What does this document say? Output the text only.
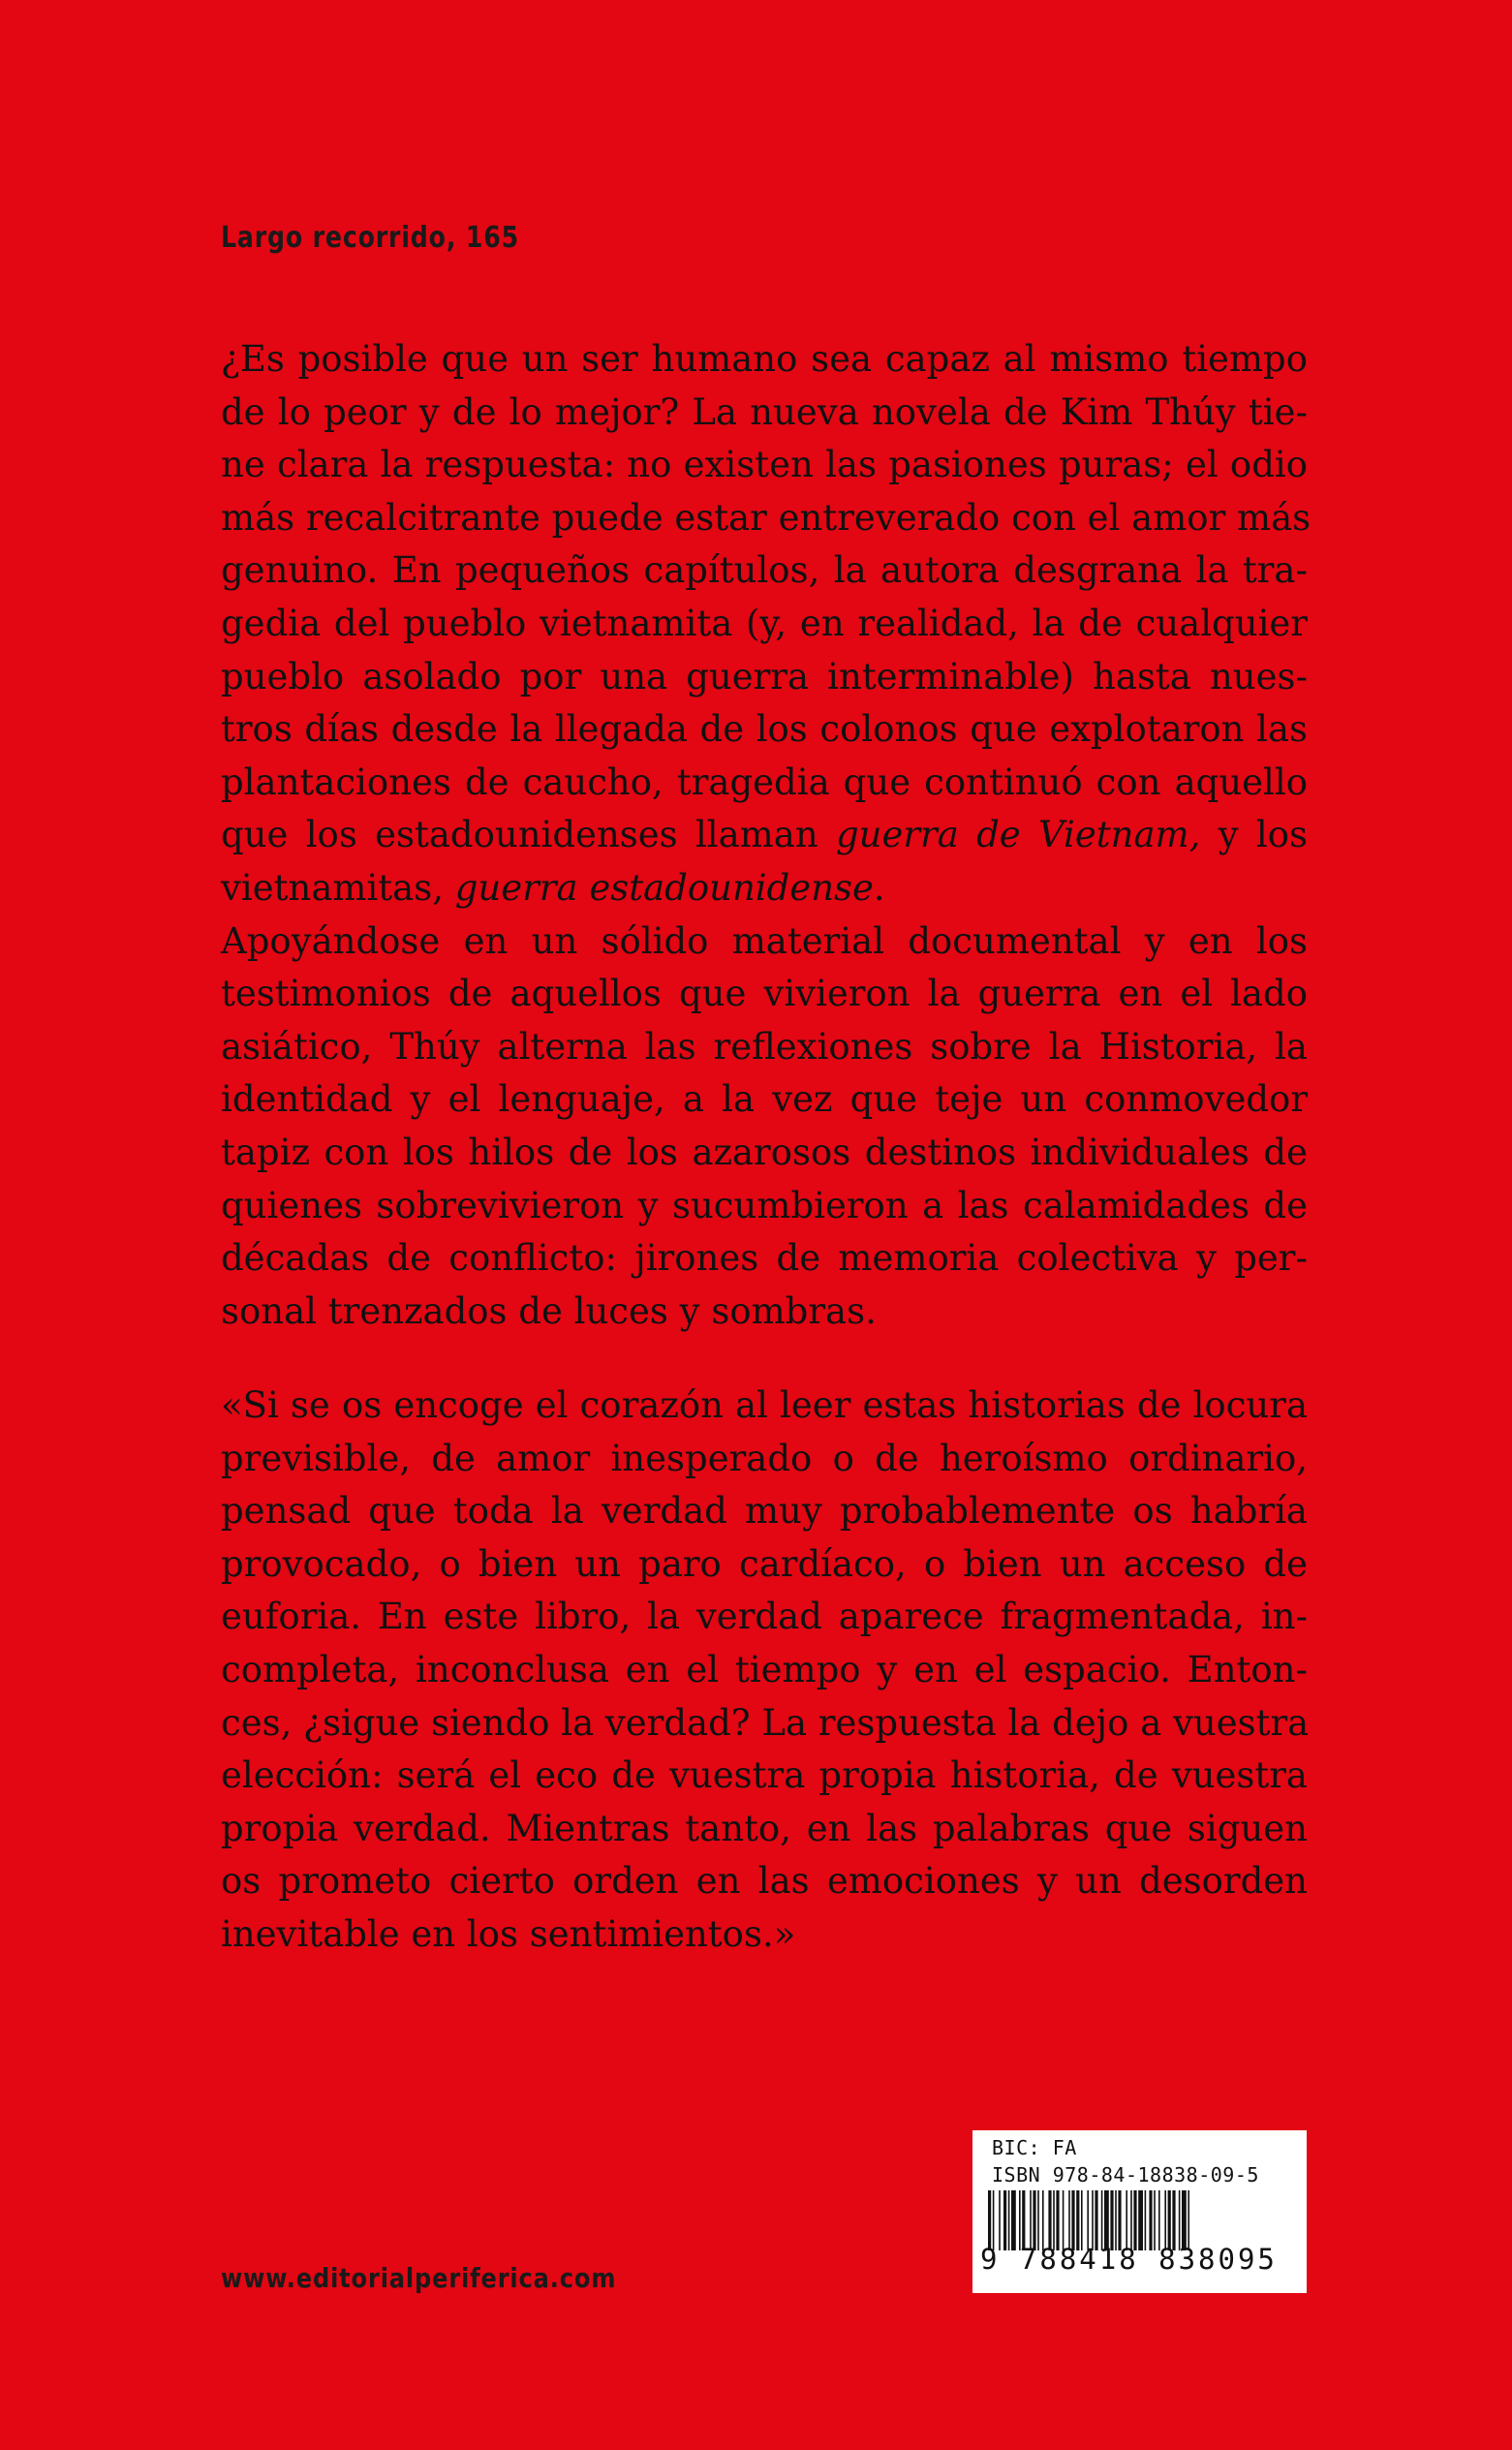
Largo recorrido, 165
¿Es posible que un ser humano sea capaz al mismo tiempo
de lo peor y de lo mejor? La nueva novela de Kim Thúy tie-
ne clara la respuesta: no existen las pasiones puras; el odio
más recalcitrante puede estar entreverado con el amor más
genuino. En pequeños capítulos, la autora desgrana la tra-
gedia del pueblo vietnamita (y, en realidad, la de cualquier
pueblo asolado por una guerra interminable) hasta nues-
tros días desde la llegada de los colonos que explotaron las
plantaciones de caucho, tragedia que continuó con aquello
que los estadounidenses llaman guerra de Vietnam, y los
vietnamitas, guerra estadounidense.
Apoyándose en un sólido material documental y en los
testimonios de aquellos que vivieron la guerra en el lado
asiático, Thúy alterna las reflexiones sobre la Historia, la
identidad y el lenguaje, a la vez que teje un conmovedor
tapiz con los hilos de los azarosos destinos individuales de
quienes sobrevivieron y sucumbieron a las calamidades de
décadas de conflicto: jirones de memoria colectiva y per-
sonal trenzados de luces y sombras.
«Si se os encoge el corazón al leer estas historias de locura
previsible, de amor inesperado o de heroísmo ordinario,
pensad que toda la verdad muy probablemente os habría
provocado, o bien un paro cardíaco, o bien un acceso de
euforia. En este libro, la verdad aparece fragmentada, in-
completa, inconclusa en el tiempo y en el espacio. Enton-
ces, ¿sigue siendo la verdad? La respuesta la dejo a vuestra
elección: será el eco de vuestra propia historia, de vuestra
propia verdad. Mientras tanto, en las palabras que siguen
os prometo cierto orden en las emociones y un desorden
inevitable en los sentimientos.»
www.editorialperiferica.com
BIC: FA
ISBN 978-84-18838-09-5
9 788418 838095
